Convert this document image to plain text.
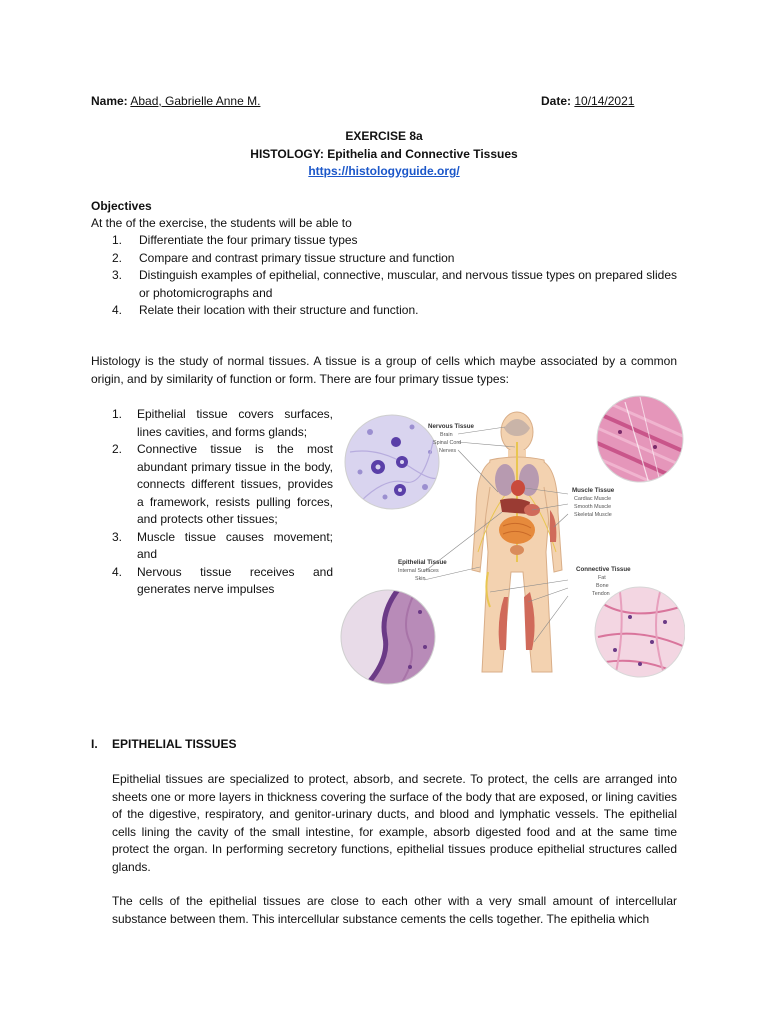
Name: Abad, Gabrielle Anne M.	Date: 10/14/2021
EXERCISE 8a
HISTOLOGY: Epithelia and Connective Tissues
https://histologyguide.org/
Objectives
At the of the exercise, the students will be able to
1. Differentiate the four primary tissue types
2. Compare and contrast primary tissue structure and function
3. Distinguish examples of epithelial, connective, muscular, and nervous tissue types on prepared slides or photomicrographs and
4. Relate their location with their structure and function.
Histology is the study of normal tissues. A tissue is a group of cells which maybe associated by a common origin, and by similarity of function or form. There are four primary tissue types:
1. Epithelial tissue covers surfaces, lines cavities, and forms glands;
2. Connective tissue is the most abundant primary tissue in the body, connects different tissues, provides a framework, resists pulling forces, and protects other tissues;
3. Muscle tissue causes movement; and
4. Nervous tissue receives and generates nerve impulses
Nervous Tissue
Brain
Spinal Cord
Nerves
Muscle Tissue
Cardiac Muscle
Smooth Muscle
Skeletal Muscle
Epithelial Tissue
Internal Surfaces
Skin
Connective Tissue
Fat
Bone
Tendon
I. EPITHELIAL TISSUES
Epithelial tissues are specialized to protect, absorb, and secrete. To protect, the cells are arranged into sheets one or more layers in thickness covering the surface of the body that are exposed, or lining cavities of the digestive, respiratory, and genitor-urinary ducts, and blood and lymphatic vessels. The epithelial cells lining the cavity of the small intestine, for example, absorb digested food and at the same time protect the organ. In performing secretory functions, epithelial tissues produce epithelial structures called glands.
The cells of the epithelial tissues are close to each other with a very small amount of intercellular substance between them. This intercellular substance cements the cells together. The epithelia which
